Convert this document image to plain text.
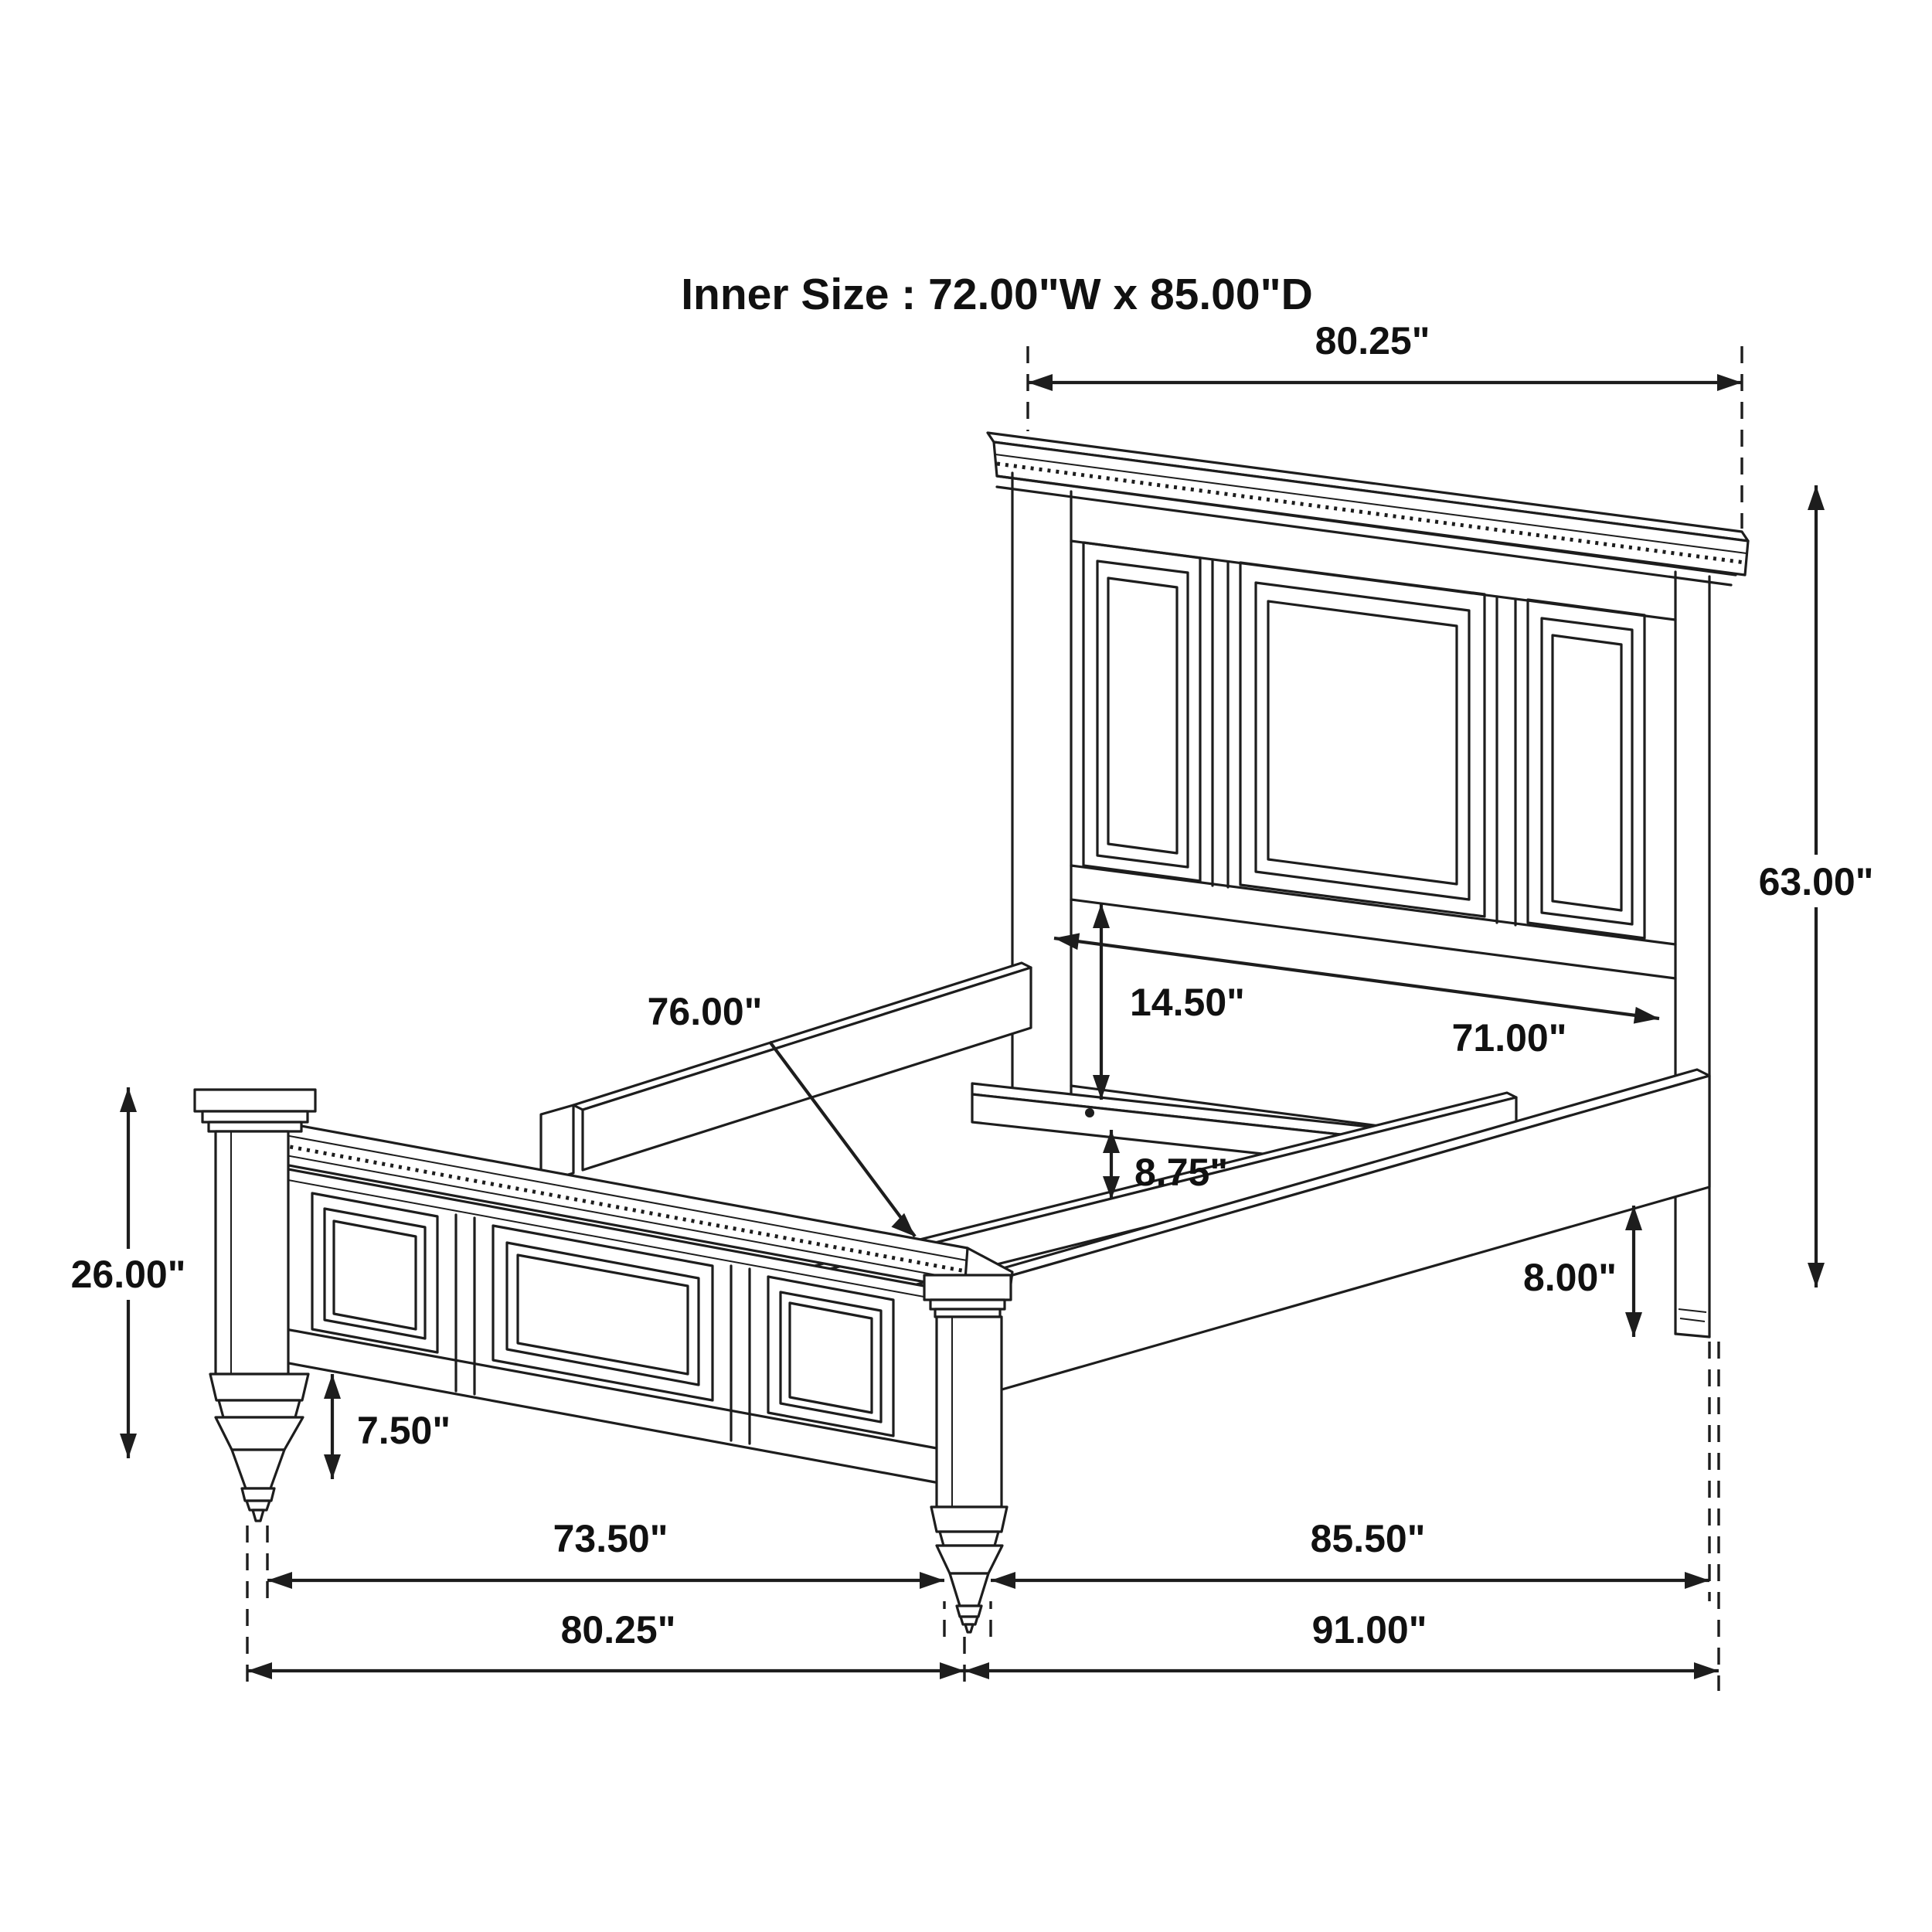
Inner Size : 72.00"W x 85.00"D
80.25"
63.00"
76.00"	14.50"
71.00"
8.75"
8.00"
26.00"
7.50"
73.50"	85.50"
80.25"	91.00"
